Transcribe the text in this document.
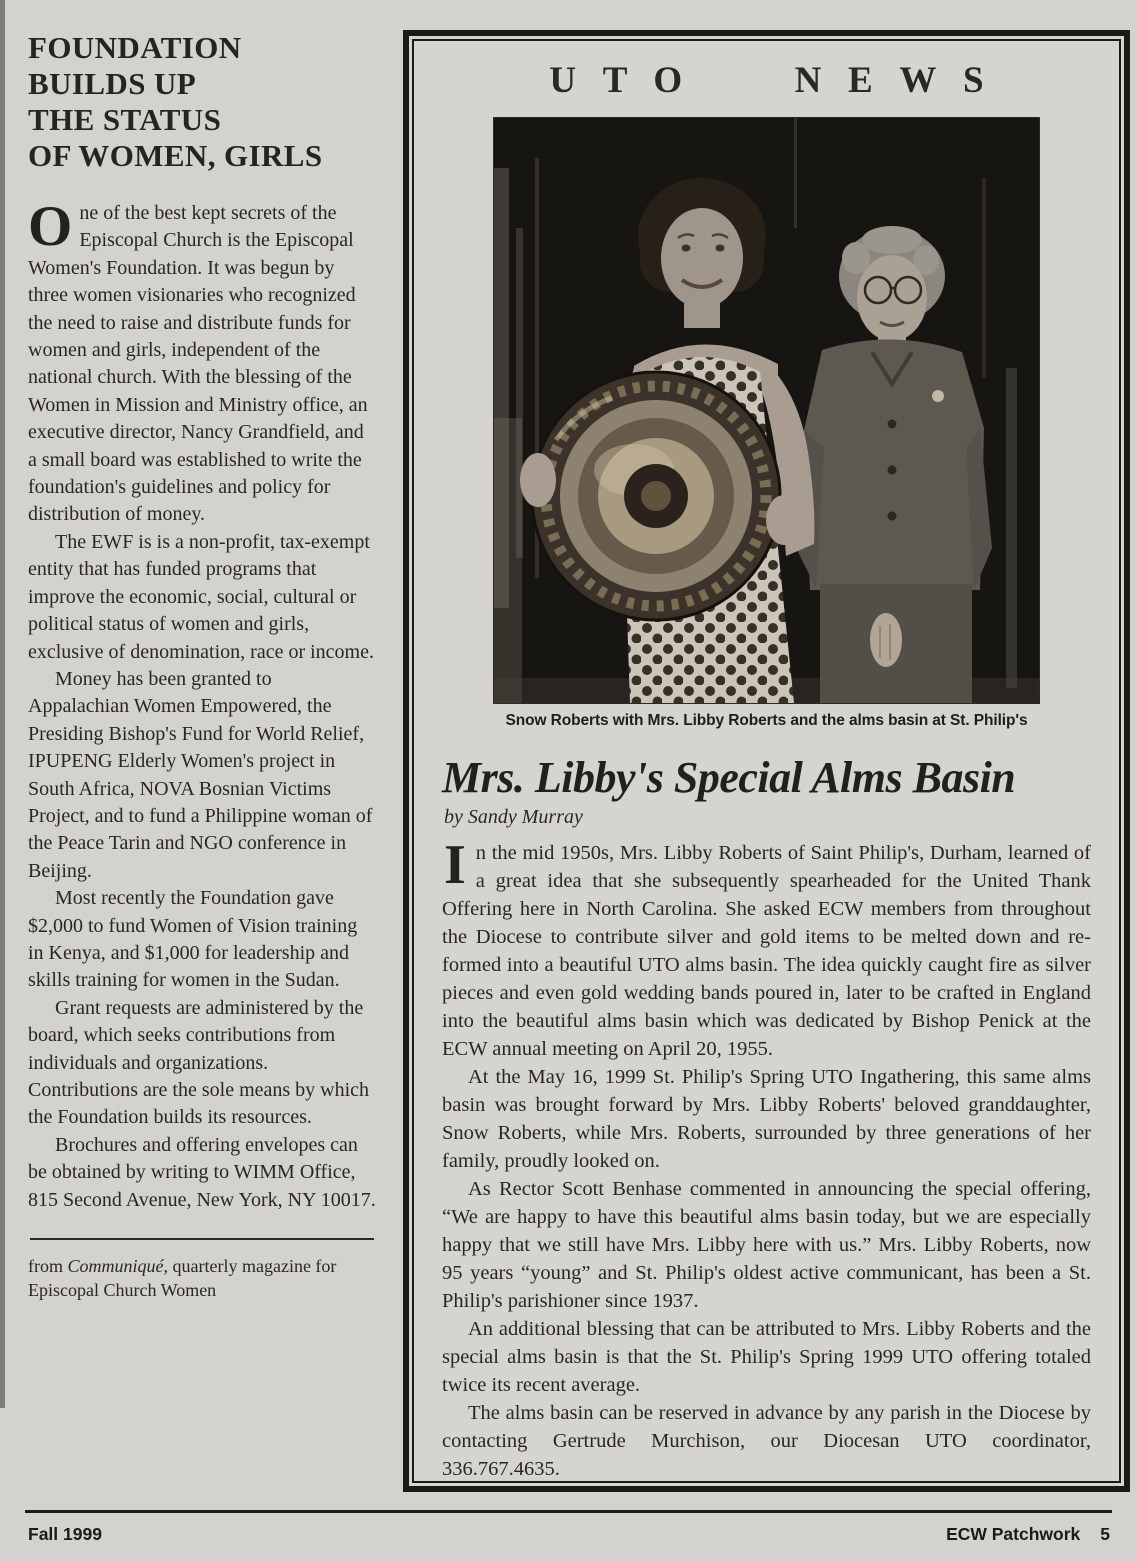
FOUNDATION
BUILDS UP
THE STATUS
OF WOMEN, GIRLS

One of the best kept secrets of the Episcopal Church is the Episcopal Women's Foundation. It was begun by three women visionaries who recognized the need to raise and distribute funds for women and girls, independent of the national church. With the blessing of the Women in Mission and Ministry office, an executive director, Nancy Grandfield, and a small board was established to write the foundation's guidelines and policy for distribution of money.

The EWF is is a non-profit, tax-exempt entity that has funded programs that improve the economic, social, cultural or political status of women and girls, exclusive of denomination, race or income.

Money has been granted to Appalachian Women Empowered, the Presiding Bishop's Fund for World Relief, IPUPENG Elderly Women's project in South Africa, NOVA Bosnian Victims Project, and to fund a Philippine woman of the Peace Tarin and NGO conference in Beijing.

Most recently the Foundation gave $2,000 to fund Women of Vision training in Kenya, and $1,000 for leadership and skills training for women in the Sudan.

Grant requests are administered by the board, which seeks contributions from individuals and organizations. Contributions are the sole means by which the Foundation builds its resources.

Brochures and offering envelopes can be obtained by writing to WIMM Office, 815 Second Avenue, New York, NY 10017.

from Communiqué, quarterly magazine for Episcopal Church Women

UTO NEWS
Snow Roberts with Mrs. Libby Roberts and the alms basin at St. Philip's
Mrs. Libby's Special Alms Basin
by Sandy Murray

In the mid 1950s, Mrs. Libby Roberts of Saint Philip's, Durham, learned of a great idea that she subsequently spearheaded for the United Thank Offering here in North Carolina. She asked ECW members from throughout the Diocese to contribute silver and gold items to be melted down and re-formed into a beautiful UTO alms basin. The idea quickly caught fire as silver pieces and even gold wedding bands poured in, later to be crafted in England into the beautiful alms basin which was dedicated by Bishop Penick at the ECW annual meeting on April 20, 1955.

At the May 16, 1999 St. Philip's Spring UTO Ingathering, this same alms basin was brought forward by Mrs. Libby Roberts' beloved granddaughter, Snow Roberts, while Mrs. Roberts, surrounded by three generations of her family, proudly looked on.

As Rector Scott Benhase commented in announcing the special offering, “We are happy to have this beautiful alms basin today, but we are especially happy that we still have Mrs. Libby here with us.” Mrs. Libby Roberts, now 95 years “young” and St. Philip's oldest active communicant, has been a St. Philip's parishioner since 1937.

An additional blessing that can be attributed to Mrs. Libby Roberts and the special alms basin is that the St. Philip's Spring 1999 UTO offering totaled twice its recent average.

The alms basin can be reserved in advance by any parish in the Diocese by contacting Gertrude Murchison, our Diocesan UTO coordinator, 336.767.4635.

Fall 1999	ECW Patchwork 5
